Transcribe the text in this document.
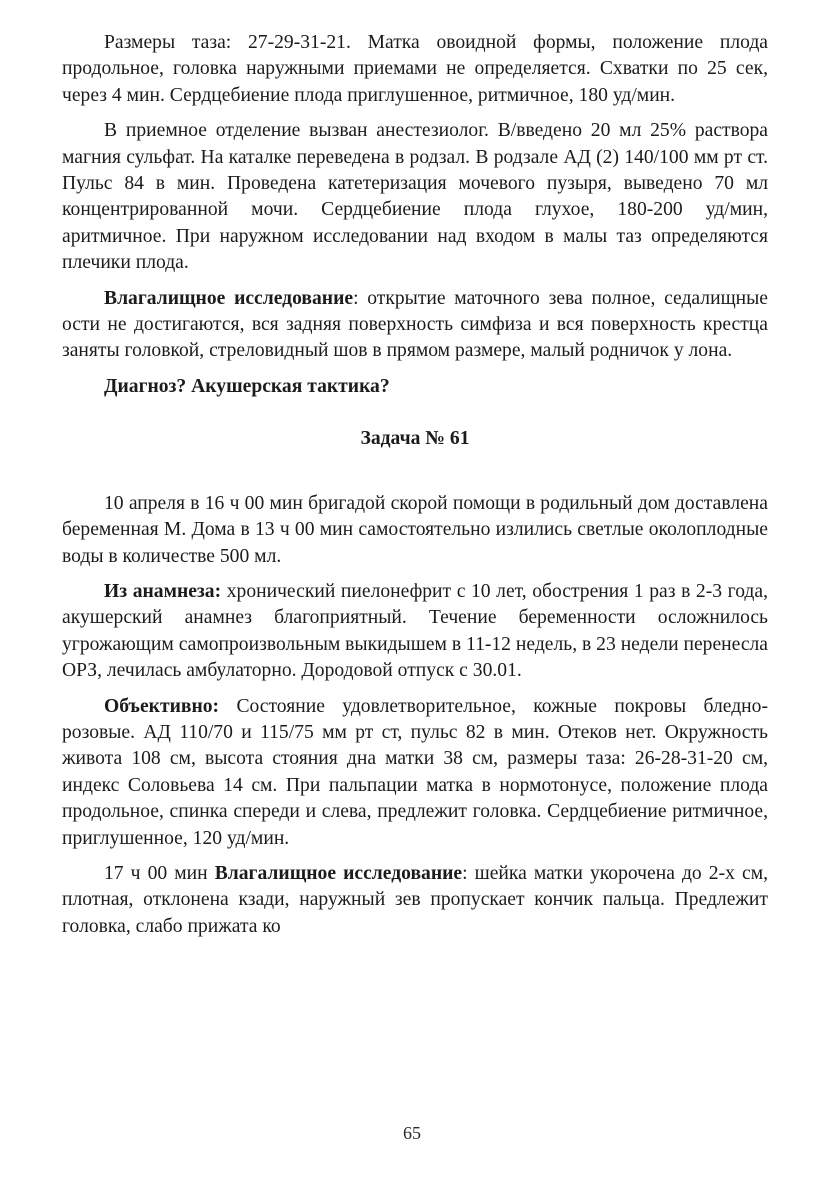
Размеры таза: 27-29-31-21. Матка овоидной формы, положение плода продольное, головка наружными приемами не определяется. Схватки по 25 сек, через 4 мин. Сердцебиение плода приглушенное, ритмичное, 180 уд/мин.

В приемное отделение вызван анестезиолог. В/введено 20 мл 25% раствора магния сульфат. На каталке переведена в родзал. В родзале АД (2) 140/100 мм рт ст. Пульс 84 в мин. Проведена катетеризация мочевого пузыря, выведено 70 мл концентрированной мочи. Сердцебиение плода глухое, 180-200 уд/мин, аритмичное. При наружном исследовании над входом в малы таз определяются плечики плода.

Влагалищное исследование: открытие маточного зева полное, седалищные ости не достигаются, вся задняя поверхность симфиза и вся поверхность крестца заняты головкой, стреловидный шов в прямом размере, малый родничок у лона.

Диагноз? Акушерская тактика?

Задача № 61

10 апреля в 16 ч 00 мин бригадой скорой помощи в родильный дом доставлена беременная М. Дома в 13 ч 00 мин самостоятельно излились светлые околоплодные воды в количестве 500 мл.

Из анамнеза: хронический пиелонефрит с 10 лет, обострения 1 раз в 2-3 года, акушерский анамнез благоприятный. Течение беременности осложнилось угрожающим самопроизвольным выкидышем в 11-12 недель, в 23 недели перенесла ОРЗ, лечилась амбулаторно. Дородовой отпуск с 30.01.

Объективно: Состояние удовлетворительное, кожные покровы бледно-розовые. АД 110/70 и 115/75 мм рт ст, пульс 82 в мин. Отеков нет. Окружность живота 108 см, высота стояния дна матки 38 см, размеры таза: 26-28-31-20 см, индекс Соловьева 14 см. При пальпации матка в нормотонусе, положение плода продольное, спинка спереди и слева, предлежит головка. Сердцебиение ритмичное, приглушенное, 120 уд/мин.

17 ч 00 мин Влагалищное исследование: шейка матки укорочена до 2-х см, плотная, отклонена кзади, наружный зев пропускает кончик пальца. Предлежит головка, слабо прижата ко

65
